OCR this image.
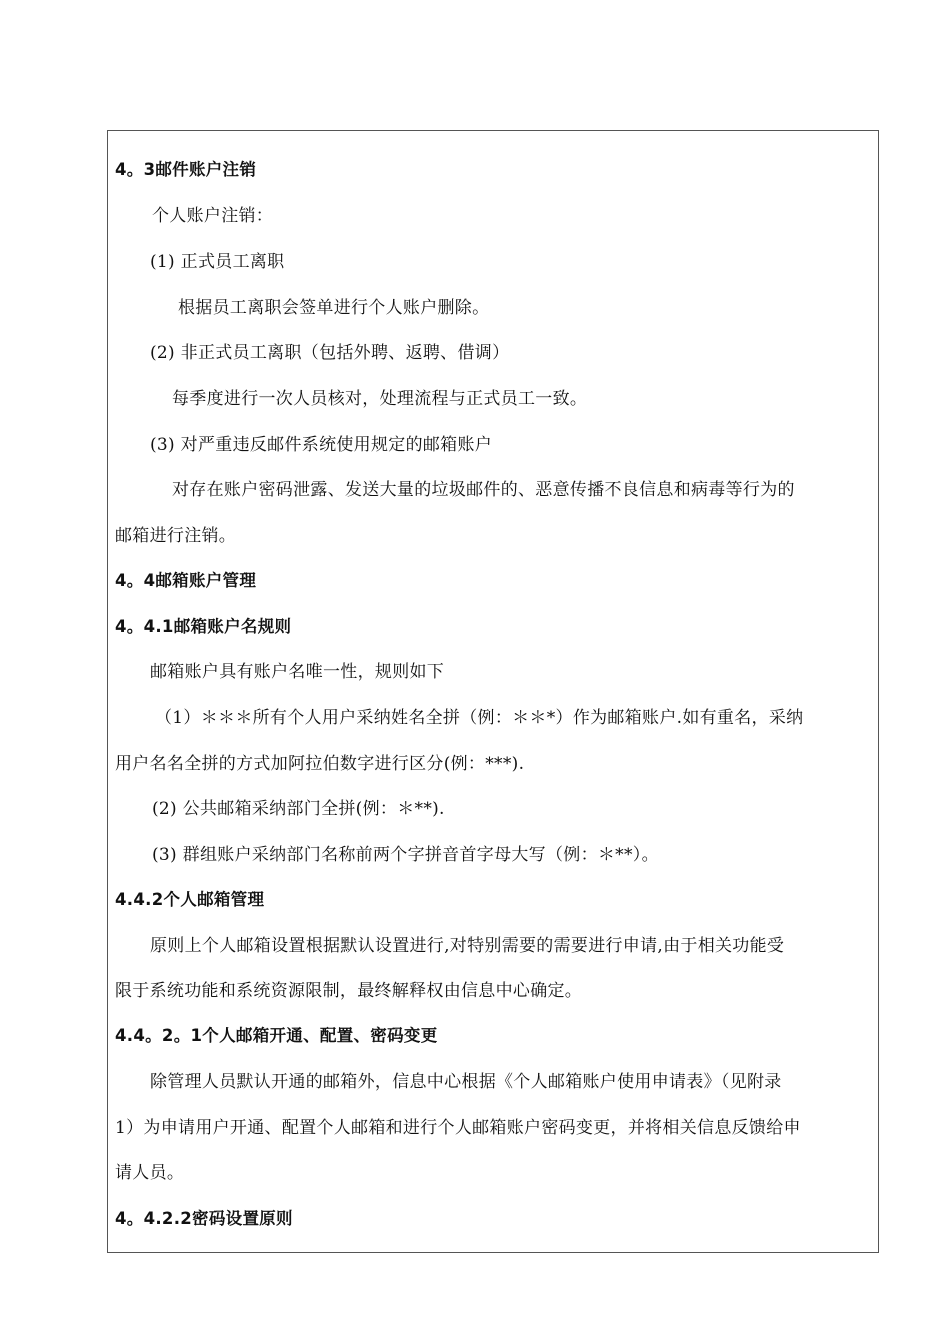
4。3邮件账户注销
个人账户注销：
(1) 正式员工离职
根据员工离职会签单进行个人账户删除。
(2) 非正式员工离职（包括外聘、返聘、借调）
每季度进行一次人员核对，处理流程与正式员工一致。
(3) 对严重违反邮件系统使用规定的邮箱账户
对存在账户密码泄露、发送大量的垃圾邮件的、恶意传播不良信息和病毒等行为的
邮箱进行注销。
4。4邮箱账户管理
4。4.1邮箱账户名规则
邮箱账户具有账户名唯一性，规则如下
（1）＊＊＊所有个人用户采纳姓名全拼（例：＊＊*）作为邮箱账户.如有重名，采纳
用户名名全拼的方式加阿拉伯数字进行区分(例：***).
(2) 公共邮箱采纳部门全拼(例：＊**).
(3) 群组账户采纳部门名称前两个字拼音首字母大写（例：＊**）。
4.4.2个人邮箱管理
原则上个人邮箱设置根据默认设置进行,对特别需要的需要进行申请,由于相关功能受
限于系统功能和系统资源限制，最终解释权由信息中心确定。
4.4。2。1个人邮箱开通、配置、密码变更
除管理人员默认开通的邮箱外，信息中心根据《个人邮箱账户使用申请表》（见附录
1）为申请用户开通、配置个人邮箱和进行个人邮箱账户密码变更，并将相关信息反馈给申
请人员。
4。4.2.2密码设置原则
